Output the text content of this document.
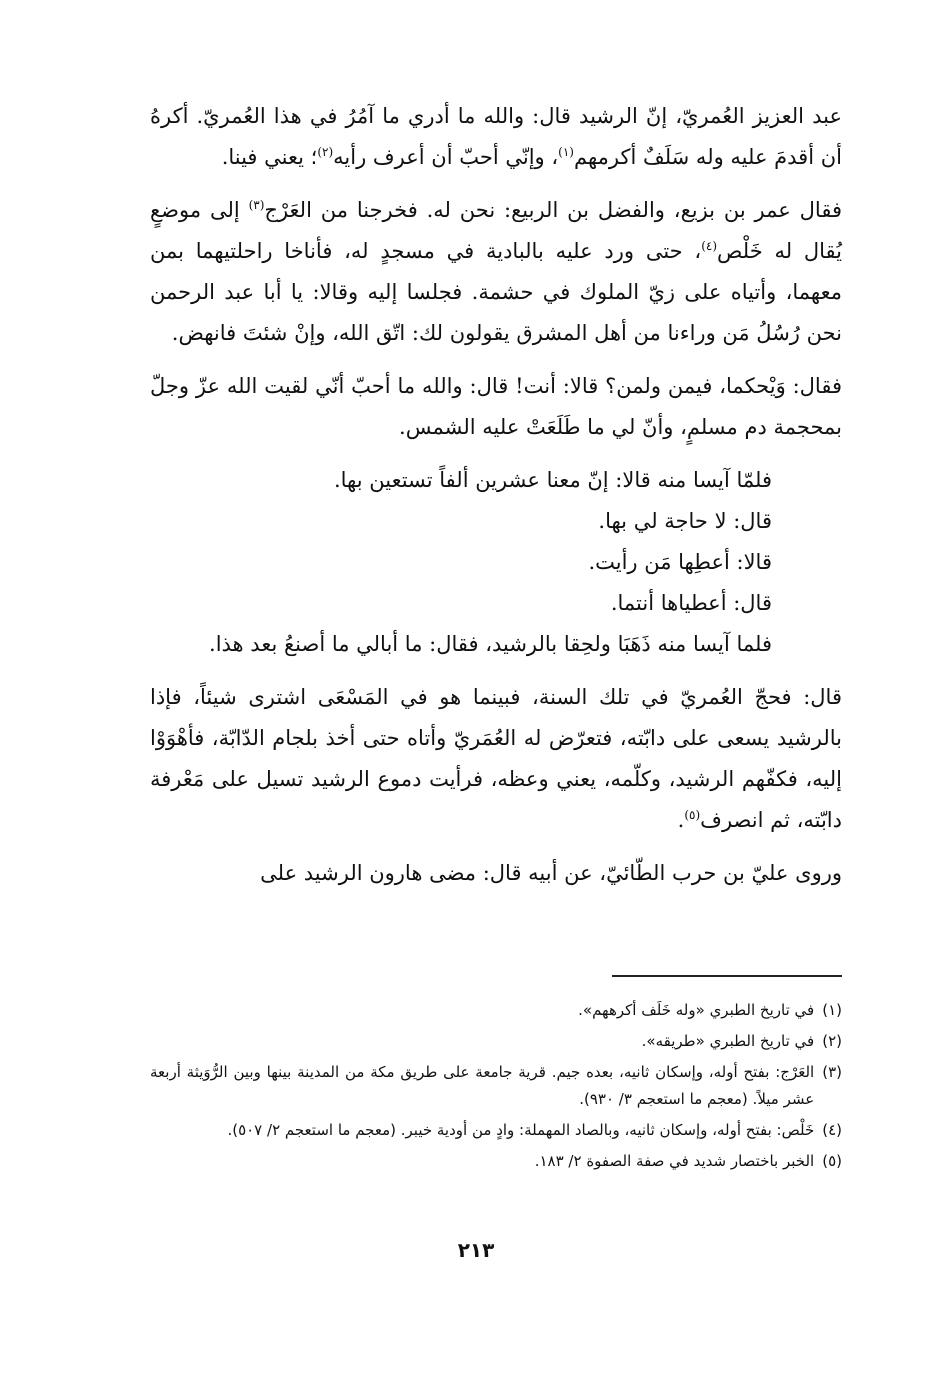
عبد العزيز العُمريّ، إنّ الرشيد قال: والله ما أدري ما آمُرُ في هذا العُمريّ. أكرهُ أن أقدمَ عليه وله سَلَفٌ أكرمهم$^{(١)}$، وإنّي أحبّ أن أعرف رأيه$^{(٢)}$؛ يعني فينا.

فقال عمر بن بزيع، والفضل بن الربيع: نحن له. فخرجنا من العَرْج$^{(٣)}$ إلى موضعٍ يُقال له خَلْص$^{(٤)}$، حتى ورد عليه بالبادية في مسجدٍ له، فأناخا راحلتيهما بمن معهما، وأتياه على زيّ الملوك في حشمة. فجلسا إليه وقالا: يا أبا عبد الرحمن نحن رُسُلُ مَن وراءنا من أهل المشرق يقولون لك: اتّق الله، وإنْ شئتَ فانهض.

فقال: وَيْحكما، فيمن ولمن؟ قالا: أنت! قال: والله ما أحبّ أنّي لقيت الله عزّ وجلّ بمحجمة دم مسلمٍ، وأنّ لي ما طَلَعَتْ عليه الشمس.

فلمّا آيسا منه قالا: إنّ معنا عشرين ألفاً تستعين بها.

قال: لا حاجة لي بها.

قالا: أعطِها مَن رأيت.

قال: أعطياها أنتما.

فلما آيسا منه ذَهَبَا ولحِقا بالرشيد، فقال: ما أبالي ما أصنعُ بعد هذا.

قال: فحجّ العُمريّ في تلك السنة، فبينما هو في المَسْعَى اشترى شيئاً، فإذا بالرشيد يسعى على دابّته، فتعرّض له العُمَريّ وأتاه حتى أخذ بلجام الدّابّة، فأهْوَوْا إليه، فكفّهم الرشيد، وكلّمه، يعني وعظه، فرأيت دموع الرشيد تسيل على مَعْرفة دابّته، ثم انصرف$^{(٥)}$.

وروى عليّ بن حرب الطّائيّ، عن أبيه قال: مضى هارون الرشيد على

(١)
في تاريخ الطبري «وله خَلَف أكرههم».
(٢)
في تاريخ الطبري «طريقه».
(٣)
العَرْج: بفتح أوله، وإسكان ثانيه، بعده جيم. قرية جامعة على طريق مكة من المدينة بينها وبين الرُّوَيثة أربعة عشر ميلاً. (معجم ما استعجم ٣/ ٩٣٠).
(٤)
خَلْص: بفتح أوله، وإسكان ثانيه، وبالصاد المهملة: وادٍ من أودية خيبر. (معجم ما استعجم ٢/ ٥٠٧).
(٥)
الخبر باختصار شديد في صفة الصفوة ٢/ ١٨٣.
٢١٣
